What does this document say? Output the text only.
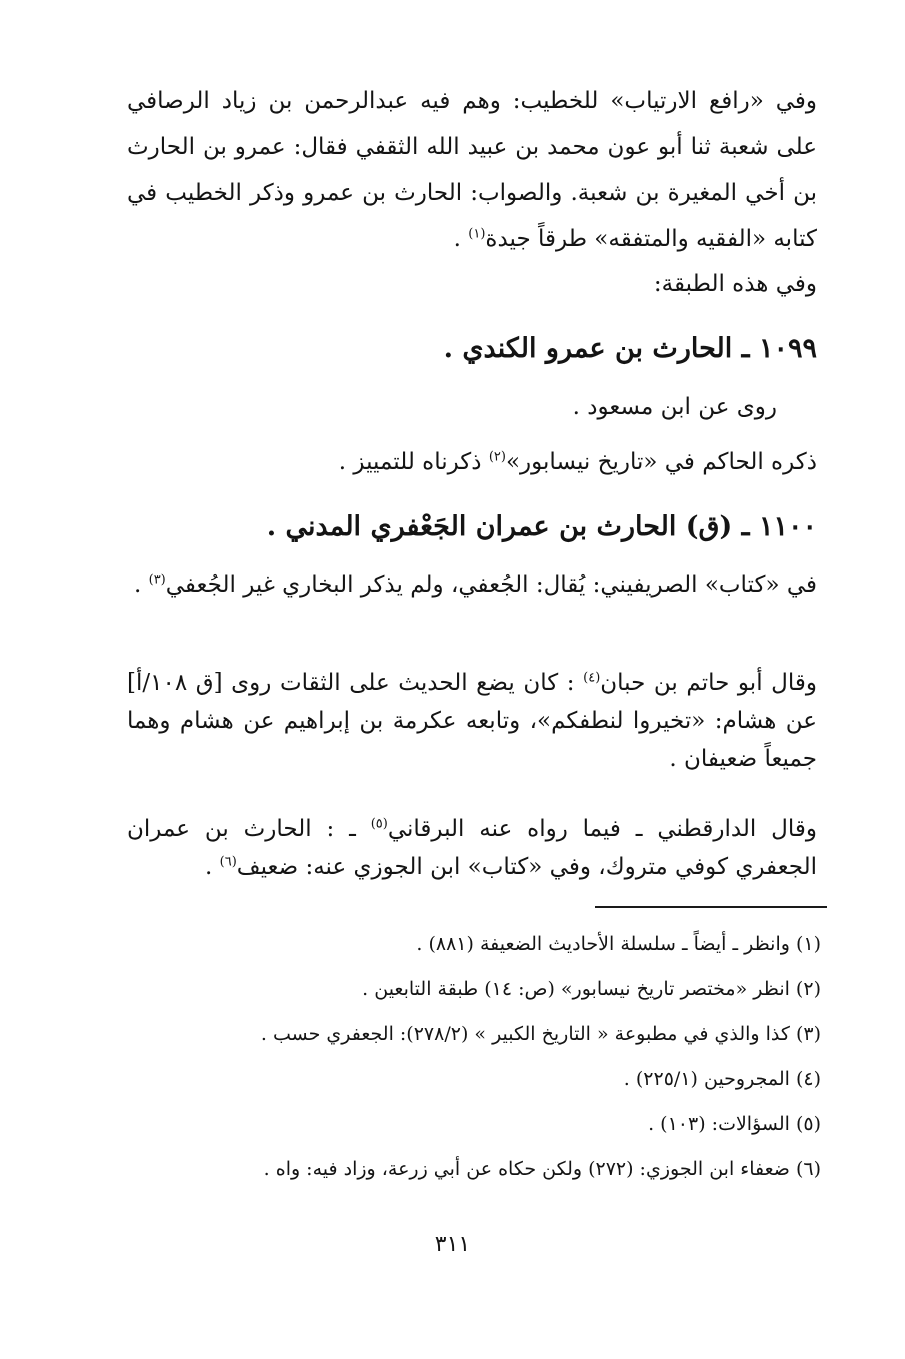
وفي «رافع الارتياب» للخطيب: وهم فيه عبدالرحمن بن زياد الرصافي على شعبة ثنا أبو عون محمد بن عبيد الله الثقفي فقال: عمرو بن الحارث بن أخي المغيرة بن شعبة. والصواب: الحارث بن عمرو وذكر الخطيب في كتابه «الفقيه والمتفقه» طرقاً جيدة$^{(١)}$ .

وفي هذه الطبقة:

١٠٩٩ ـ الحارث بن عمرو الكندي .

روى عن ابن مسعود .

ذكره الحاكم في «تاريخ نيسابور»$^{(٢)}$ ذكرناه للتمييز .

١١٠٠ ـ (ق) الحارث بن عمران الجَعْفري المدني .

في «كتاب» الصريفيني: يُقال: الجُعفي، ولم يذكر البخاري غير الجُعفي$^{(٣)}$ .

وقال أبو حاتم بن حبان$^{(٤)}$ : كان يضع الحديث على الثقات روى [ق ١٠٨/أ] عن هشام: «تخيروا لنطفكم»، وتابعه عكرمة بن إبراهيم عن هشام وهما جميعاً ضعيفان .

وقال الدارقطني ـ فيما رواه عنه البرقاني$^{(٥)}$ ـ : الحارث بن عمران الجعفري كوفي متروك، وفي «كتاب» ابن الجوزي عنه: ضعيف$^{(٦)}$ .

(١) وانظر ـ أيضاً ـ سلسلة الأحاديث الضعيفة (٨٨١) .
(٢) انظر «مختصر تاريخ نيسابور» (ص: ١٤) طبقة التابعين .
(٣) كذا والذي في مطبوعة « التاريخ الكبير » (٢٧٨/٢): الجعفري حسب .
(٤) المجروحين (٢٢٥/١) .
(٥) السؤالات: (١٠٣) .
(٦) ضعفاء ابن الجوزي: (٢٧٢) ولكن حكاه عن أبي زرعة، وزاد فيه: واه .
٣١١
